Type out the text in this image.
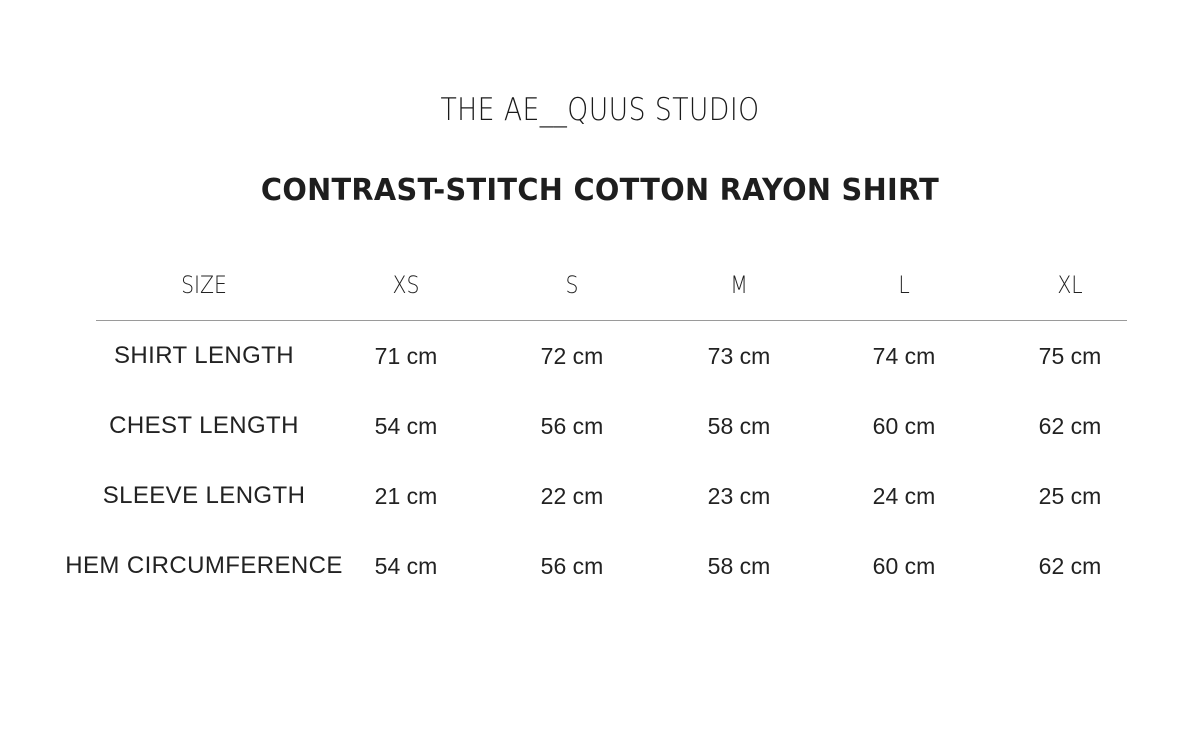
THE AE__QUUS STUDIO
CONTRAST-STITCH COTTON RAYON SHIRT
SIZE	XS	S	M	L	XL
SHIRT LENGTH	71 cm	72 cm	73 cm	74 cm	75 cm
CHEST LENGTH	54 cm	56 cm	58 cm	60 cm	62 cm
SLEEVE LENGTH	21 cm	22 cm	23 cm	24 cm	25 cm
HEM CIRCUMFERENCE 54 cm	56 cm	58 cm	60 cm	62 cm
